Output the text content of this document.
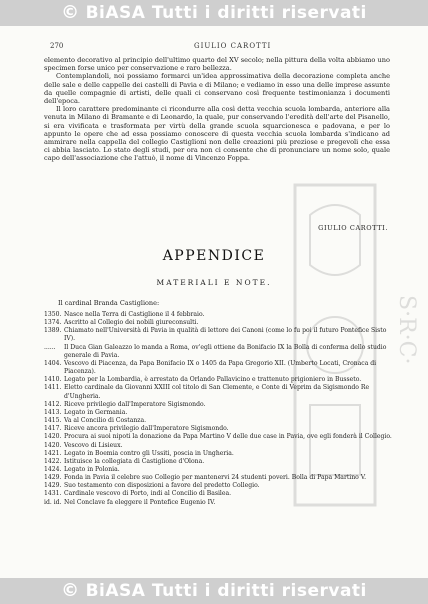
© BiASA Tutti i diritti riservati
S·R·C·
270	GIULIO CAROTTI

elemento decorativo al principio dell'ultimo quarto del XV secolo; nella pittura della volta abbiamo uno specimen forse unico per conservazione e raro bellezza.

Contemplandoli, noi possiamo formarci un'idea approssimativa della decorazione completa anche delle sale e delle cappelle dei castelli di Pavia e di Milano; e vediamo in esso una delle imprese assunte da quelle compagnie di artisti, delle quali ci conservano così frequente testimonianza i documenti dell'epoca.

Il loro carattere predominante ci ricondurre alla così detta vecchia scuola lombarda, anteriore alla venuta in Milano di Bramante e di Leonardo, la quale, pur conservando l'eredità dell'arte del Pisanello, si era vivificata e trasformata per virtù della grande scuola squarcionesca e padovana, e per lo appunto le opere che ad essa possiamo conoscere di questa vecchia scuola lombarda s'indicano ad ammirare nella cappella del collegio Castiglioni non delle creazioni più preziose e pregevoli che essa ci abbia lasciato. Lo stato degli studi, per ora non ci consente che di pronunciare un nome solo, quale capo dell'associazione che l'attuò, il nome di Vincenzo Foppa.

GIULIO CAROTTI.
APPENDICE
MATERIALI E NOTE.
Il cardinal Branda Castiglione:
1350. Nasce nella Terra di Castiglione il 4 febbraio.
1374. Ascritto al Collegio dei nobili giureconsulti.
1389. Chiamato nell'Università di Pavia in qualità di lettore dei Canoni (come lo fu poi il futuro Pontefice Sisto IV).
......	Il Duca Gian Galeazzo lo manda a Roma, ov'egli ottiene da Bonifacio IX la Bolla di conferma dello studio generale di Pavia.
1404. Vescovo di Piacenza, da Papa Bonifacio IX o 1405 da Papa Gregorio XII. (Umberto Locati, Cronaca di Piacenza).
1410. Legato per la Lombardia, è arrestato da Orlando Pallavicino e trattenuto prigioniero in Busseto.
1411. Eletto cardinale da Giovanni XXIII col titolo di San Clemente, e Conte di Veprim da Sigismondo Re d'Ungheria.
1412. Riceve privilegio dall'Imperatore Sigismondo.
1413. Legato in Germania.
1415. Va al Concilio di Costanza.
1417. Riceve ancora privilegio dall'Imperatore Sigismondo.
1420. Procura ai suoi nipoti la donazione da Papa Martino V delle due case in Pavia, ove egli fonderà il Collegio.
1420. Vescovo di Lisieux.
1421. Legato in Boemia contro gli Ussiti, poscia in Ungheria.
1422. Istituisce la collegiata di Castiglione d'Olona.
1424. Legato in Polonia.
1429. Fonda in Pavia il celebre suo Collegio per mantenervi 24 studenti poveri. Bolla di Papa Martino V.
1429. Suo testamento con disposizioni a favore del predetto Collegio.
1431. Cardinale vescovo di Porto, indi al Concilio di Basilea.
id. id. Nel Conclave fa eleggere il Pontefice Eugenio IV.
© BiASA Tutti i diritti riservati
